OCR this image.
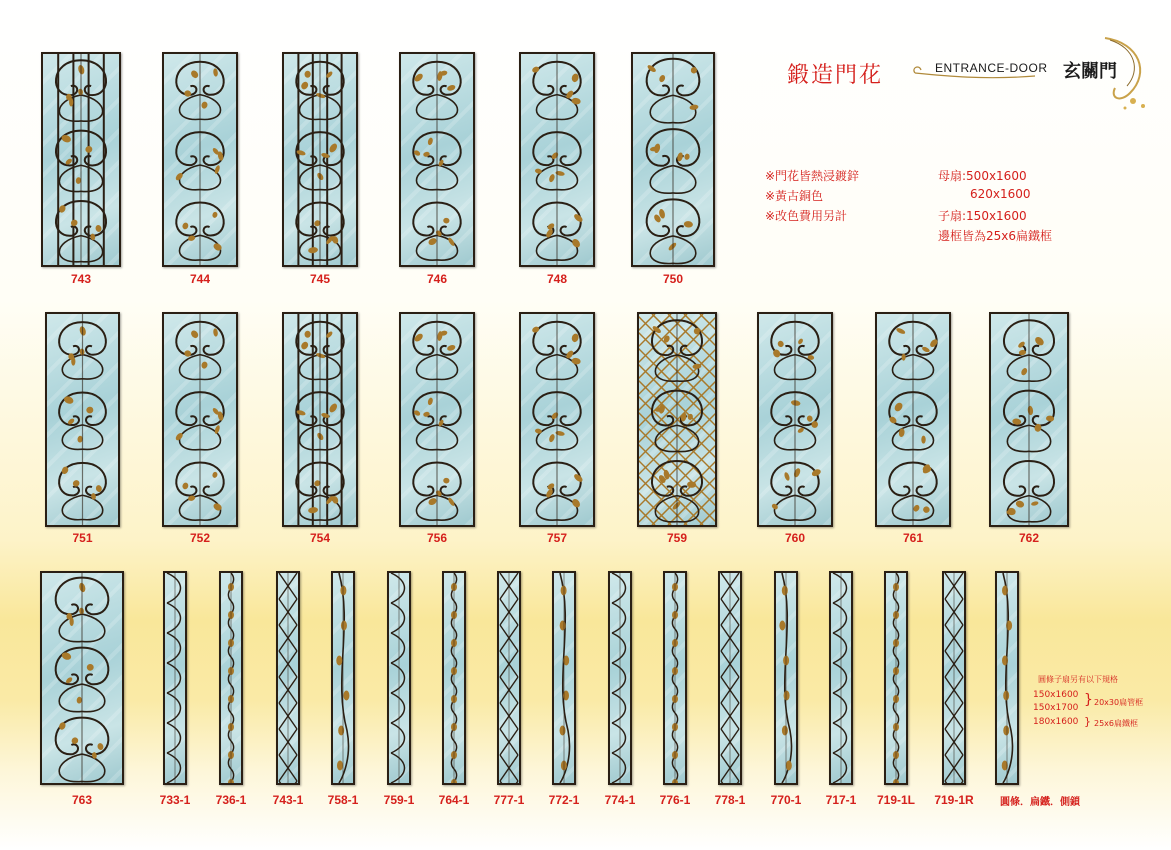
鍛造門花	ENTRANCE-DOOR 玄關門
※門花皆熱浸鍍鋅
※黃古銅色
※改色費用另計
母扇:500x1600
620x1600
子扇:150x1600
邊框皆為25x6扁鐵框
圓條子扇另有以下規格
150x1600
150x1700
180x1600
} 20x30扁管框
} 25x6扁鐵框
743	744	745	746	748	750
751	752	754	756	757	759	760	761	762
763	733-1	736-1	743-1	758-1	759-1	764-1	777-1	772-1	774-1	776-1	778-1	770-1	717-1	719-1L	719-1R	圓條．扁鐵．側鎖
